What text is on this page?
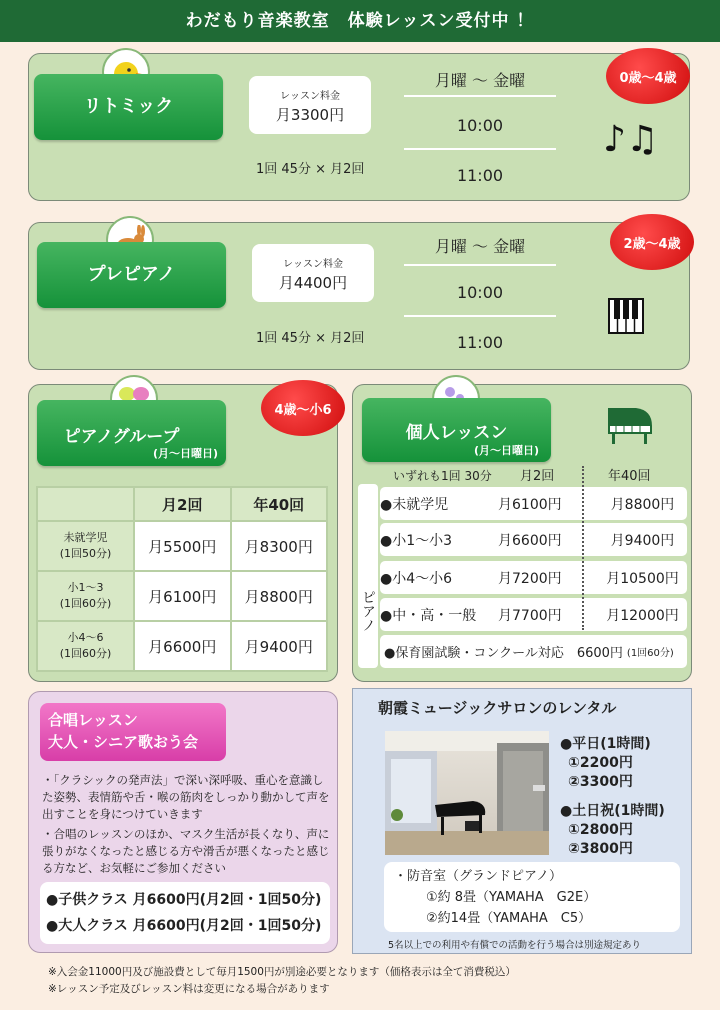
わだもり音楽教室　体験レッスン受付中 ！
リトミック	レッスン料金
月3300円
1回 45分 × 月2回
月曜 〜 金曜
10:00
11:00
♪♫
0歳〜4歳
プレピアノ	レッスン料金
月4400円
1回 45分 × 月2回
月曜 〜 金曜
10:00
11:00
2歳〜4歳
ピアノグループ
(月〜日曜日)
4歳〜小6
	月2回	年40回
未就学児
(1回50分)	月5500円	月8300円
小1〜3
(1回60分)	月6100円	月8800円
小4〜6
(1回60分)	月6600円	月9400円
個人レッスン
(月〜日曜日)
いずれも1回 30分 月2回	年40回
ピアノ
●未就学児	月6100円	月8800円
●小1〜小3	月6600円	月9400円
●小4〜小6	月7200円	月10500円
●中・高・一般	月7700円	月12000円
●保育園試験・コンクール対応　6600円 (1回60分)
合唱レッスン
大人・シニア歌おう会
・「クラシックの発声法」で深い深呼吸、重心を意識した姿勢、表情筋や舌・喉の筋肉をしっかり動かして声を出すことを身につけていきます
・合唱のレッスンのほか、マスク生活が長くなり、声に張りがなくなったと感じる方や滑舌が悪くなったと感じる方など、お気軽にご参加ください
●子供クラス 月6600円(月2回・1回50分)
●大人クラス 月6600円(月2回・1回50分)
朝霞ミュージックサロンのレンタル
●平日(1時間)
①2200円
②3300円
●土日祝(1時間)
①2800円
②3800円
・防音室（グランドピアノ）
①約 8畳（YAMAHA　G2E）
②約14畳（YAMAHA　C5）
5名以上での利用や有償での活動を行う場合は別途規定あり
※入会金11000円及び施設費として毎月1500円が別途必要となります（価格表示は全て消費税込）
※レッスン予定及びレッスン料は変更になる場合があります
